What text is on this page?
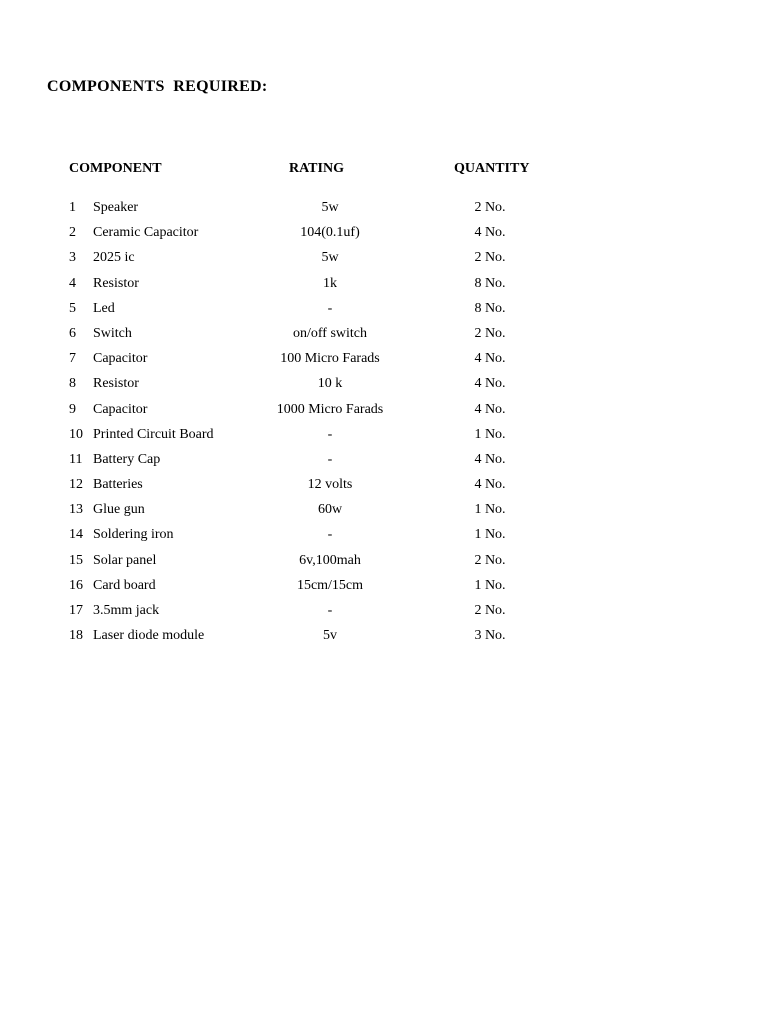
COMPONENTS  REQUIRED:
COMPONENT	RATING	QUANTITY
1 Speaker	5w	2 No.
2 Ceramic Capacitor	104(0.1uf)	4 No.
3 2025 ic	5w	2 No.
4 Resistor	1k	8 No.
5 Led	-	8 No.
6 Switch	on/off switch	2 No.
7 Capacitor	100 Micro Farads	4 No.
8 Resistor	10 k	4 No.
9 Capacitor	1000 Micro Farads	4 No.
10 Printed Circuit Board	-	1 No.
11 Battery Cap	-	4 No.
12 Batteries	12 volts	4 No.
13 Glue gun	60w	1 No.
14 Soldering iron	-	1 No.
15 Solar panel	6v,100mah	2 No.
16 Card board	15cm/15cm	1 No.
17 3.5mm jack	-	2 No.
18 Laser diode module	5v	3 No.
